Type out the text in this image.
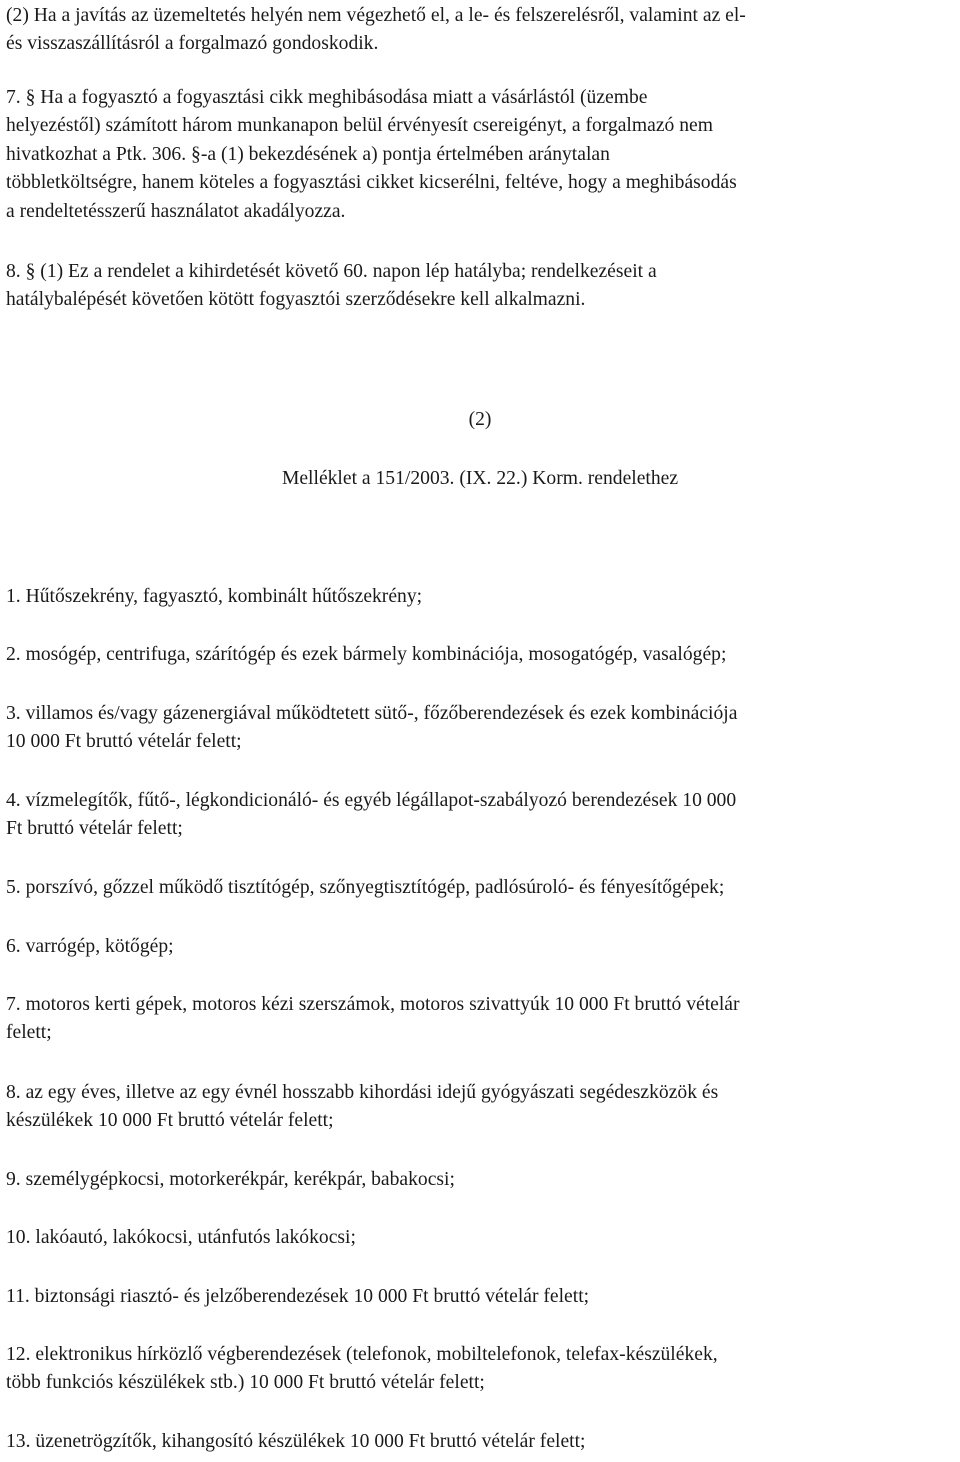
(2) Ha a javítás az üzemeltetés helyén nem végezhető el, a le- és felszerelésről, valamint az el-
és visszaszállításról a forgalmazó gondoskodik.

7. § Ha a fogyasztó a fogyasztási cikk meghibásodása miatt a vásárlástól (üzembe
helyezéstől) számított három munkanapon belül érvényesít csereigényt, a forgalmazó nem
hivatkozhat a Ptk. 306. §-a (1) bekezdésének a) pontja értelmében aránytalan
többletköltségre, hanem köteles a fogyasztási cikket kicserélni, feltéve, hogy a meghibásodás
a rendeltetésszerű használatot akadályozza.

8. § (1) Ez a rendelet a kihirdetését követő 60. napon lép hatályba; rendelkezéseit a
hatálybalépését követően kötött fogyasztói szerződésekre kell alkalmazni.

(2)
Melléklet a 151/2003. (IX. 22.) Korm. rendelethez
1. Hűtőszekrény, fagyasztó, kombinált hűtőszekrény;
2. mosógép, centrifuga, szárítógép és ezek bármely kombinációja, mosogatógép, vasalógép;
3. villamos és/vagy gázenergiával működtetett sütő-, főzőberendezések és ezek kombinációja
10 000 Ft bruttó vételár felett;
4. vízmelegítők, fűtő-, légkondicionáló- és egyéb légállapot-szabályozó berendezések 10 000
Ft bruttó vételár felett;
5. porszívó, gőzzel működő tisztítógép, szőnyegtisztítógép, padlósúroló- és fényesítőgépek;
6. varrógép, kötőgép;
7. motoros kerti gépek, motoros kézi szerszámok, motoros szivattyúk 10 000 Ft bruttó vételár
felett;
8. az egy éves, illetve az egy évnél hosszabb kihordási idejű gyógyászati segédeszközök és
készülékek 10 000 Ft bruttó vételár felett;
9. személygépkocsi, motorkerékpár, kerékpár, babakocsi;
10. lakóautó, lakókocsi, utánfutós lakókocsi;
11. biztonsági riasztó- és jelzőberendezések 10 000 Ft bruttó vételár felett;
12. elektronikus hírközlő végberendezések (telefonok, mobiltelefonok, telefax-készülékek,
több funkciós készülékek stb.) 10 000 Ft bruttó vételár felett;
13. üzenetrögzítők, kihangosító készülékek 10 000 Ft bruttó vételár felett;
